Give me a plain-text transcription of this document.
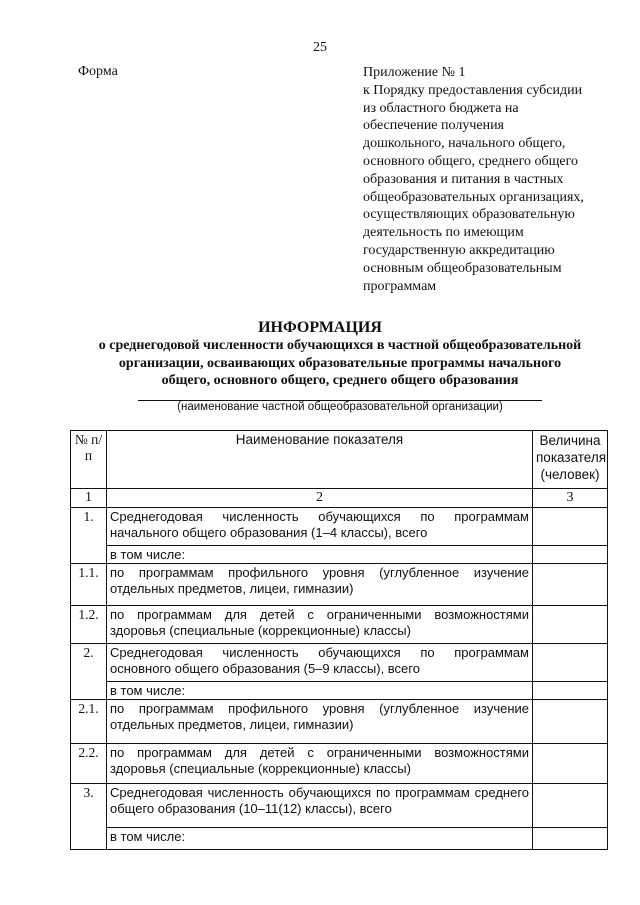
25
Форма	Приложение № 1
к Порядку предоставления субсидии
из областного бюджета на
обеспечение получения
дошкольного, начального общего,
основного общего, среднего общего
образования и питания в частных
общеобразовательных организациях,
осуществляющих образовательную
деятельность по имеющим
государственную аккредитацию
основным общеобразовательным
программам
ИНФОРМАЦИЯ
о среднегодовой численности обучающихся в частной общеобразовательной
организации, осваивающих образовательные программы начального
общего, основного общего, среднего общего образования
(наименование частной общеобразовательной организации)
№ п/п	Наименование показателя	Величина показателя (человек)
1	2	3
1.	Среднегодовая численность обучающихся по программам начального общего образования (1–4 классы), всего	
	в том числе:	
1.1.	по программам профильного уровня (углубленное изучение отдельных предметов, лицеи, гимназии)	
1.2.	по программам для детей с ограниченными возможностями здоровья (специальные (коррекционные) классы)	
2.	Среднегодовая численность обучающихся по программам основного общего образования (5–9 классы), всего	
	в том числе:	
2.1.	по программам профильного уровня (углубленное изучение отдельных предметов, лицеи, гимназии)	
2.2.	по программам для детей с ограниченными возможностями здоровья (специальные (коррекционные) классы)	
3.	Среднегодовая численность обучающихся по программам среднего общего образования (10–11(12) классы), всего	
	в том числе:	
